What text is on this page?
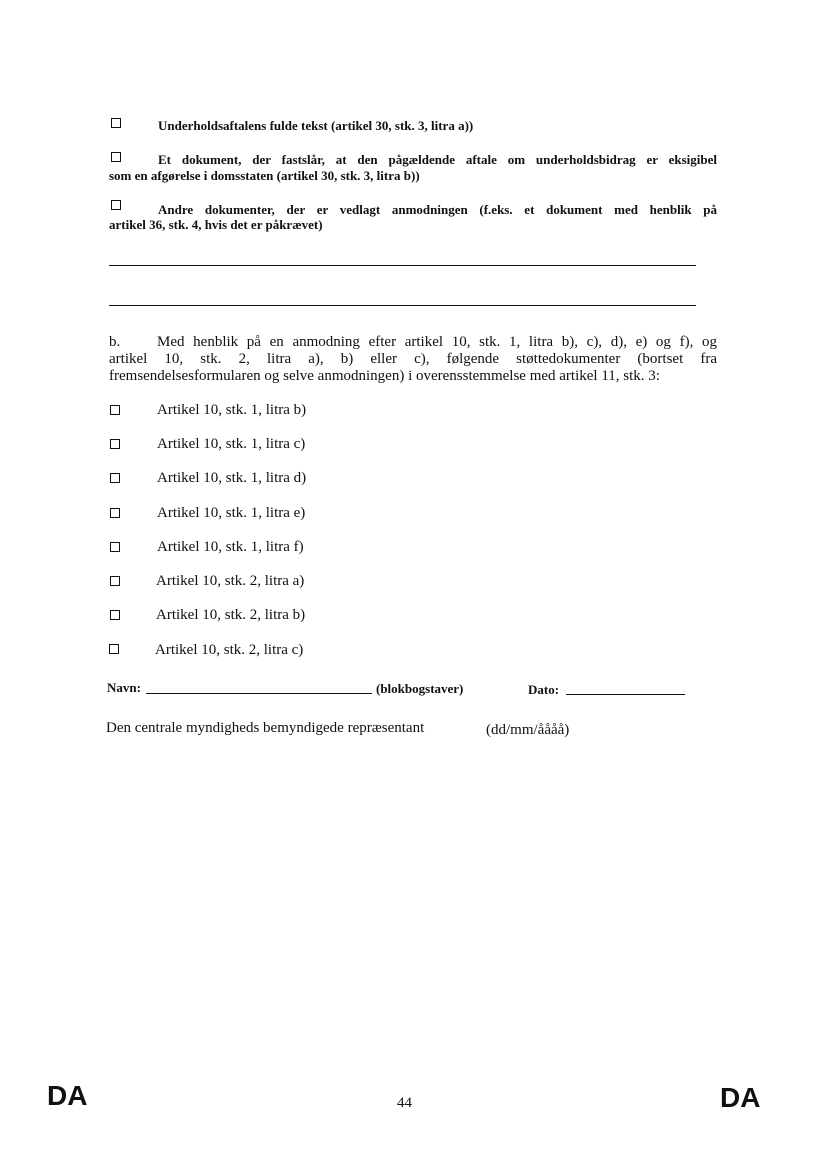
Underholdsaftalens fulde tekst (artikel 30, stk. 3, litra a))
Et dokument, der fastslår, at den pågældende aftale om underholdsbidrag er eksigibel
som en afgørelse i domsstaten (artikel 30, stk. 3, litra b))
Andre dokumenter, der er vedlagt anmodningen (f.eks. et dokument med henblik på
artikel 36, stk. 4, hvis det er påkrævet)
b. Med henblik på en anmodning efter artikel 10, stk. 1, litra b), c), d), e) og f), og
artikel 10, stk. 2, litra a), b) eller c), følgende støttedokumenter (bortset fra
fremsendelsesformularen og selve anmodningen) i overensstemmelse med artikel 11, stk. 3:
Artikel 10, stk. 1, litra b)
Artikel 10, stk. 1, litra c)
Artikel 10, stk. 1, litra d)
Artikel 10, stk. 1, litra e)
Artikel 10, stk. 1, litra f)
Artikel 10, stk. 2, litra a)
Artikel 10, stk. 2, litra b)
Artikel 10, stk. 2, litra c)
Navn:	(blokbogstaver)	Dato:
Den centrale myndigheds bemyndigede repræsentant	(dd/mm/åååå)
DA	44	DA
